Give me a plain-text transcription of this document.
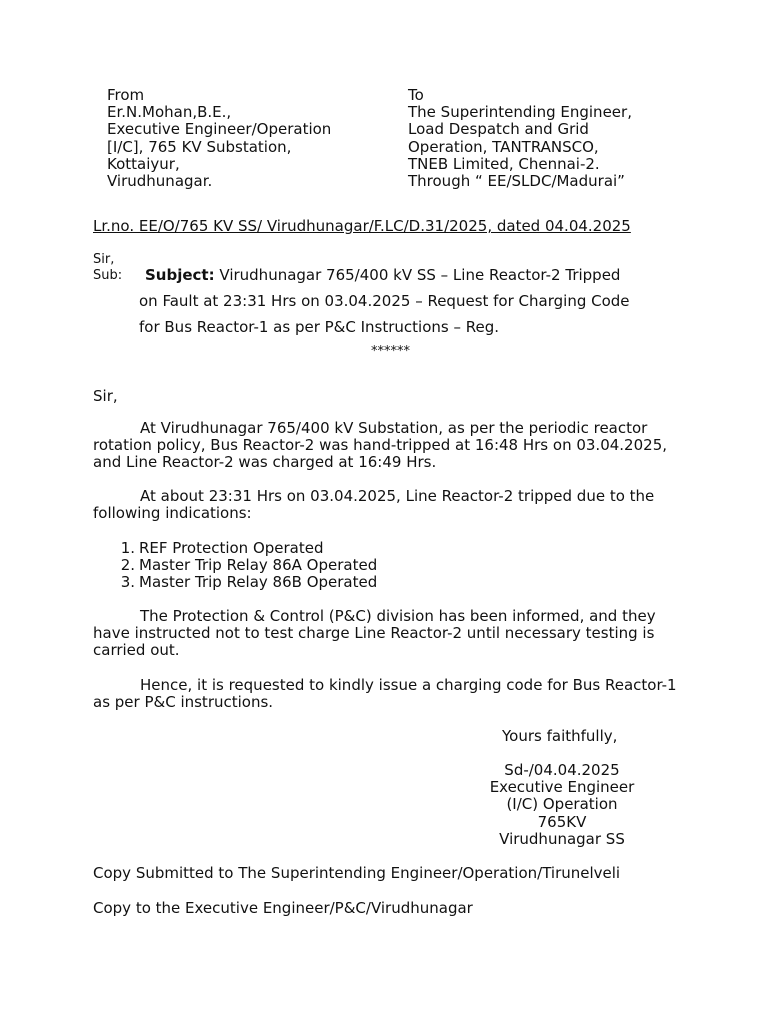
From
Er.N.Mohan,B.E.,
Executive Engineer/Operation
[I/C], 765 KV Substation,
Kottaiyur,
Virudhunagar.
To
The Superintending Engineer,
Load Despatch and Grid
Operation, TANTRANSCO,
TNEB Limited, Chennai-2.
Through “ EE/SLDC/Madurai”
Lr.no. EE/O/765 KV SS/ Virudhunagar/F.LC/D.31/2025, dated 04.04.2025
Sir,
Sub: Subject: Virudhunagar 765/400 kV SS – Line Reactor-2 Tripped
on Fault at 23:31 Hrs on 03.04.2025 – Request for Charging Code
for Bus Reactor-1 as per P&C Instructions – Reg.
******
Sir,
At Virudhunagar 765/400 kV Substation, as per the periodic reactor rotation policy, Bus Reactor-2 was hand-tripped at 16:48 Hrs on 03.04.2025, and Line Reactor-2 was charged at 16:49 Hrs.
At about 23:31 Hrs on 03.04.2025, Line Reactor-2 tripped due to the following indications:
1. REF Protection Operated
2. Master Trip Relay 86A Operated
3. Master Trip Relay 86B Operated
The Protection & Control (P&C) division has been informed, and they have instructed not to test charge Line Reactor-2 until necessary testing is carried out.
Hence, it is requested to kindly issue a charging code for Bus Reactor-1 as per P&C instructions.
Yours faithfully,
Sd-/04.04.2025
Executive Engineer
(I/C) Operation
765KV
Virudhunagar SS
Copy Submitted to The Superintending Engineer/Operation/Tirunelveli
Copy to the Executive Engineer/P&C/Virudhunagar
